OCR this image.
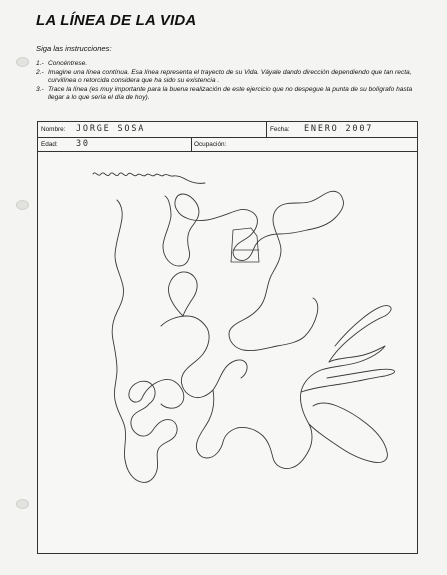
LA LÍNEA DE LA VIDA
Siga las instrucciones:
1.- Concéntrese.
2.- Imagine una línea contínua. Esa línea representa el trayecto de su Vida. Váyale dando dirección dependiendo que tan recta, curvilínea o retorcida considera que ha sido su existencia .
3.- Trace la línea (es muy importante para la buena realización de este ejercicio que no despegue la punta de su bolígrafo hasta llegar a lo que sería el día de hoy).
Nombre: JORGE SOSA	Fecha: ENERO 2007
Edad: 30	Ocupación:
